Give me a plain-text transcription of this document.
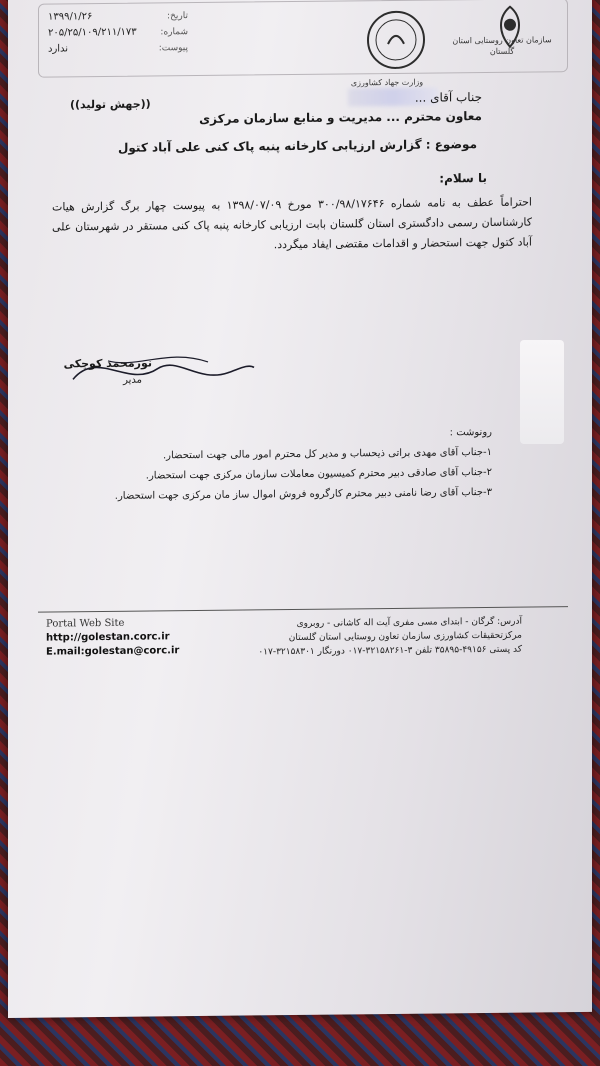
سازمان تعاون روستایی استان گلستان
وزارت جهاد کشاورزی
تاریخ:
۱۳۹۹/۱/۲۶
شماره:
۲۰۵/۲۵/۱۰۹/۲۱۱/۱۷۳
پیوست:
ندارد
جناب آقای ...
معاون محترم ... مدیریت و منابع سازمان مرکزی
((جهش تولید))
موضوع : گزارش ارزیابی کارخانه پنبه پاک کنی علی آباد کتول
با سلام:
احتراماً عطف به نامه شماره ۳۰۰/۹۸/۱۷۶۴۶ مورخ ۱۳۹۸/۰۷/۰۹ به پیوست چهار برگ گزارش هیات کارشناسان رسمی دادگستری استان گلستان بابت ارزیابی کارخانه پنبه پاک کنی مستقر در شهرستان علی آباد کتول جهت استحضار و اقدامات مقتضی ایفاد میگردد.
نورمحمد کوچکی
مدیر
رونوشت :
۱-جناب آقای مهدی براتی ذیحساب و مدیر کل محترم امور مالی جهت استحضار.
۲-جناب آقای صادقی دبیر محترم کمیسیون معاملات سازمان مرکزی جهت استحضار.
۳-جناب آقای رضا نامنی دبیر محترم کارگروه فروش اموال ساز مان مرکزی جهت استحضار.
Portal Web Site
http://golestan.corc.ir
E.mail:golestan@corc.ir
آدرس: گرگان - ابتدای مسی مفری آیت اله کاشانی - روبروی
مرکزتحقیقات کشاورزی سازمان تعاون روستایی استان گلستان
کد پستی ۴۹۱۵۶-۳۵۸۹۵ تلفن ۳-۳۲۱۵۸۲۶۱-۰۱۷ دورنگار ۳۲۱۵۸۳۰۱-۰۱۷
